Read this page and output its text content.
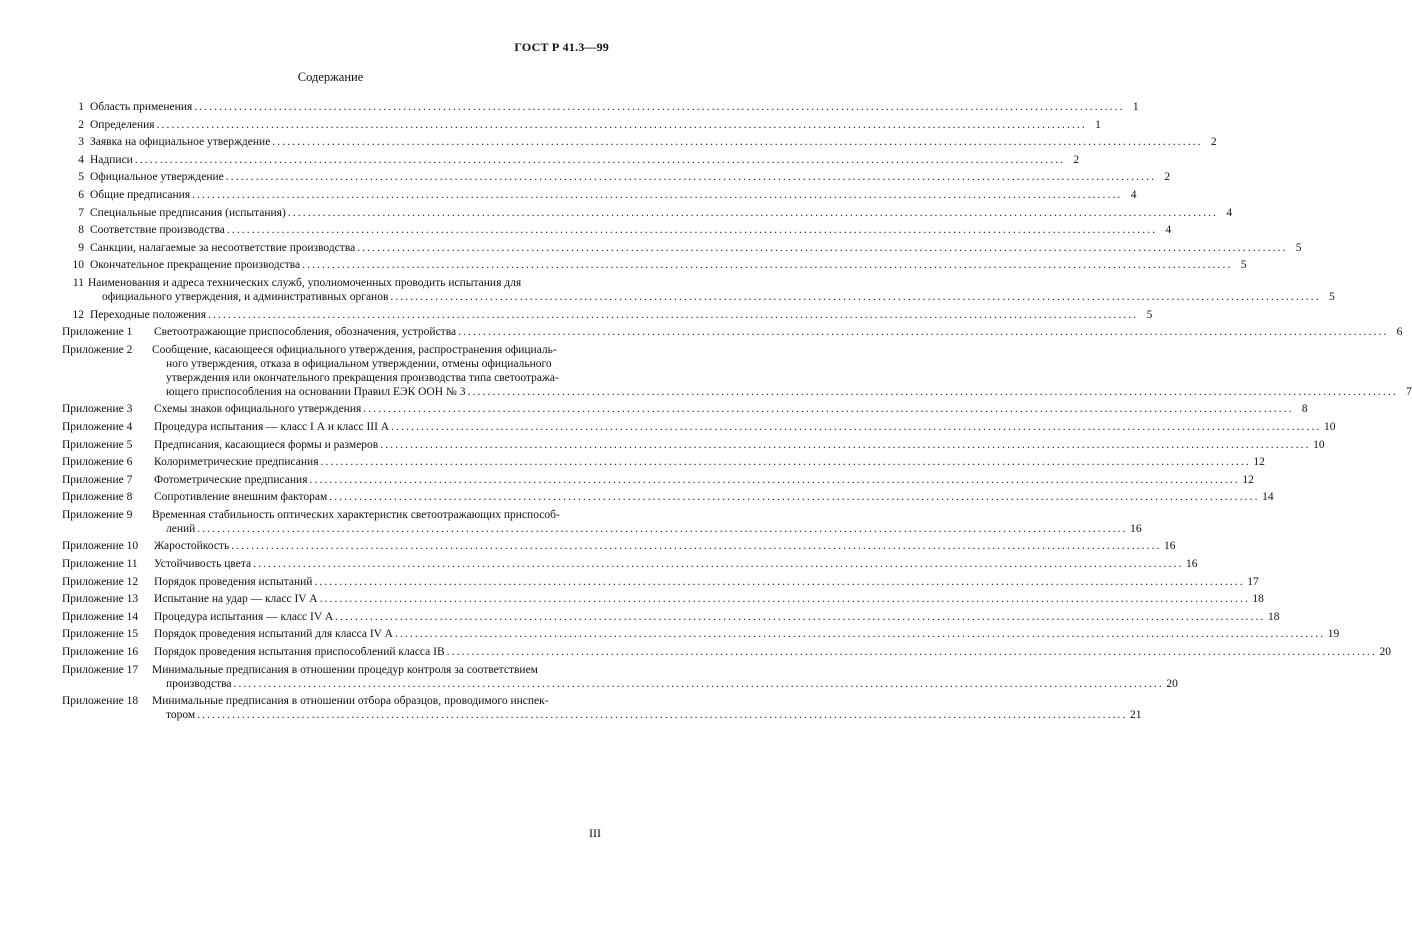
ГОСТ Р 41.3—99
Содержание
1 Область применения .....	1
2 Определения .....	1
3 Заявка на официальное утверждение .....	2
4 Надписи .....	2
5 Официальное утверждение .....	2
6 Общие предписания .....	4
7 Специальные предписания (испытания) .....	4
8 Соответствие производства .....	4
9 Санкции, налагаемые за несоответствие производства .....	5
10 Окончательное прекращение производства .....	5
11 Наименования и адреса технических служб, уполномоченных проводить испытания для
официального утверждения, и административных органов .....	5
12 Переходные положения .....	5
Приложение 1	Светоотражающие приспособления, обозначения, устройства .....	6
Приложение 2	Сообщение, касающееся официального утверждения, распространения официаль-
ного утверждения, отказа в официальном утверждении, отмены официального
утверждения или окончательного прекращения производства типа светоотража-
ющего приспособления на основании Правил ЕЭК ООН № 3 .....	7
Приложение 3	Схемы знаков официального утверждения .....	8
Приложение 4	Процедура испытания — класс I А и класс III А .....	10
Приложение 5	Предписания, касающиеся формы и размеров .....	10
Приложение 6	Колориметрические предписания .....	12
Приложение 7	Фотометрические предписания .....	12
Приложение 8	Сопротивление внешним факторам .....	14
Приложение 9	Временная стабильность оптических характеристик светоотражающих приспособ-
лений .....	16
Приложение 10	Жаростойкость .....	16
Приложение 11	Устойчивость цвета .....	16
Приложение 12	Порядок проведения испытаний .....	17
Приложение 13	Испытание на удар — класс IV А .....	18
Приложение 14	Процедура испытания — класс IV А .....	18
Приложение 15	Порядок проведения испытаний для класса IV А .....	19
Приложение 16	Порядок проведения испытания приспособлений класса IB .....	20
Приложение 17	Минимальные предписания в отношении процедур контроля за соответствием
производства .....	20
Приложение 18	Минимальные предписания в отношении отбора образцов, проводимого инспек-
тором .....	21
III
